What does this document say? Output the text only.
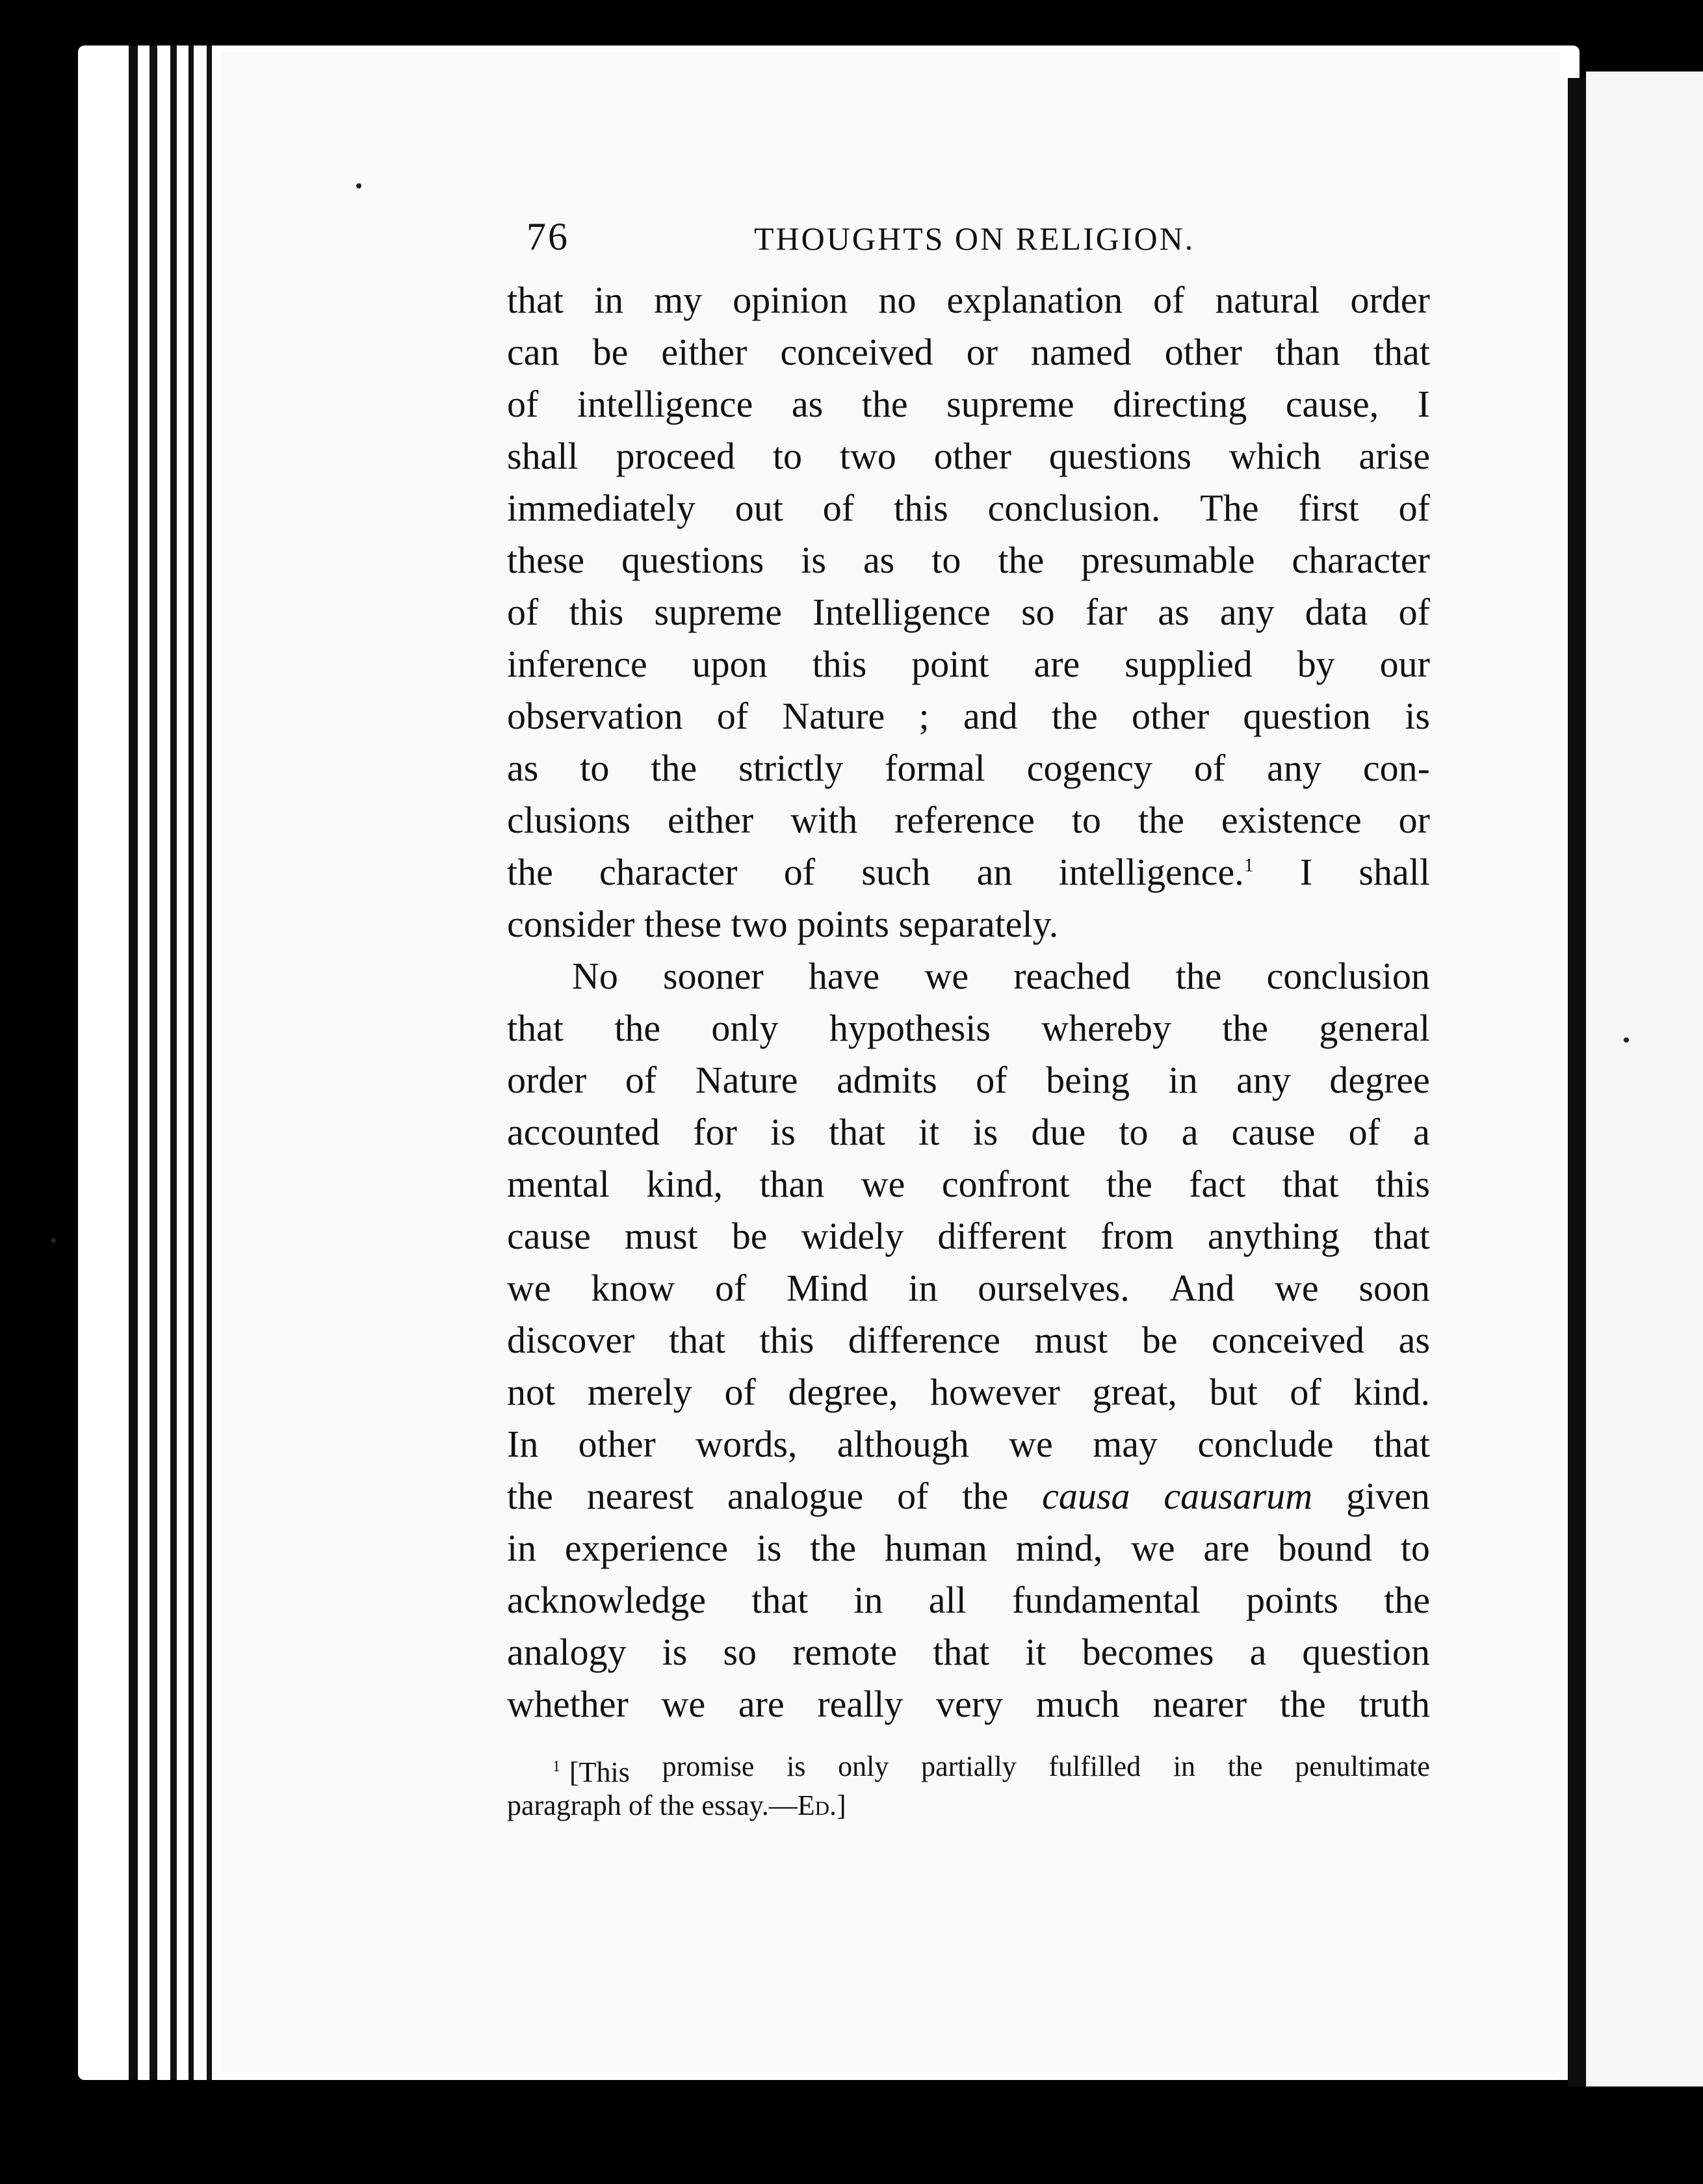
76	THOUGHTS ON RELIGION.
that in my opinion no explanation of natural order
can be either conceived or named other than that
of intelligence as the supreme directing cause, I
shall proceed to two other questions which arise
immediately out of this conclusion. The first of
these questions is as to the presumable character
of this supreme Intelligence so far as any data of
inference upon this point are supplied by our
observation of Nature ; and the other question is
as to the strictly formal cogency of any con-
clusions either with reference to the existence or
the character of such an intelligence.$^1$ I shall
consider
these
two
points
separately.
No sooner have we reached the conclusion
that the only hypothesis whereby the general
order of Nature admits of being in any degree
accounted for is that it is due to a cause of a
mental kind, than we confront the fact that this
cause must be widely different from anything that
we know of Mind in ourselves. And we soon
discover that this difference must be conceived as
not merely of degree, however great, but of kind.
In other words, although we may conclude that
the nearest analogue of the causa causarum given
in experience is the human mind, we are bound to
acknowledge that in all fundamental points the
analogy is so remote that it becomes a question
whether we are really very much nearer the truth
1 [This promise is only partially fulfilled in the penultimate
paragraph
of
the
essay.— Ed. ]
